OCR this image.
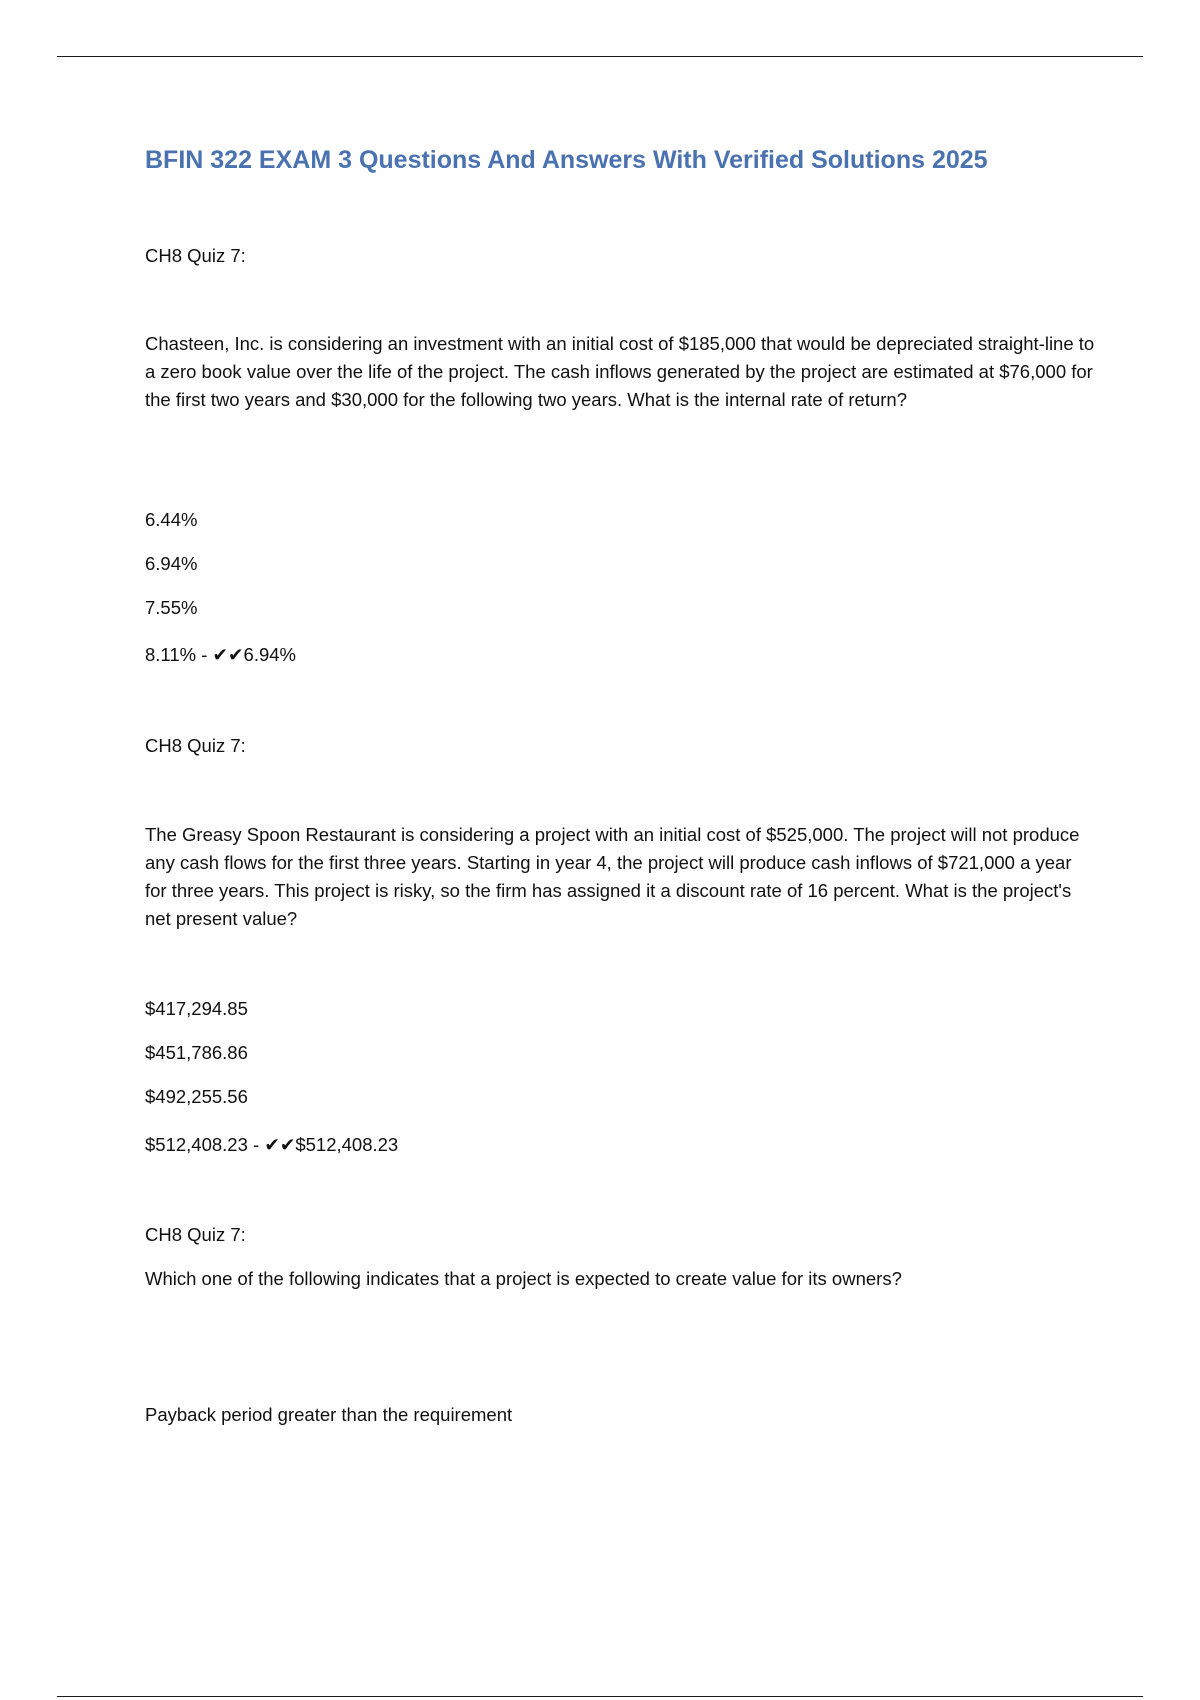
BFIN 322 EXAM 3 Questions And Answers With Verified Solutions 2025
CH8 Quiz 7:
Chasteen, Inc. is considering an investment with an initial cost of $185,000 that would be depreciated straight-line to a zero book value over the life of the project. The cash inflows generated by the project are estimated at $76,000 for the first two years and $30,000 for the following two years. What is the internal rate of return?
6.44%
6.94%
7.55%
8.11% - ✔✔6.94%
CH8 Quiz 7:
The Greasy Spoon Restaurant is considering a project with an initial cost of $525,000. The project will not produce any cash flows for the first three years. Starting in year 4, the project will produce cash inflows of $721,000 a year for three years. This project is risky, so the firm has assigned it a discount rate of 16 percent. What is the project's net present value?
$417,294.85
$451,786.86
$492,255.56
$512,408.23 - ✔✔$512,408.23
CH8 Quiz 7:
Which one of the following indicates that a project is expected to create value for its owners?
Payback period greater than the requirement
